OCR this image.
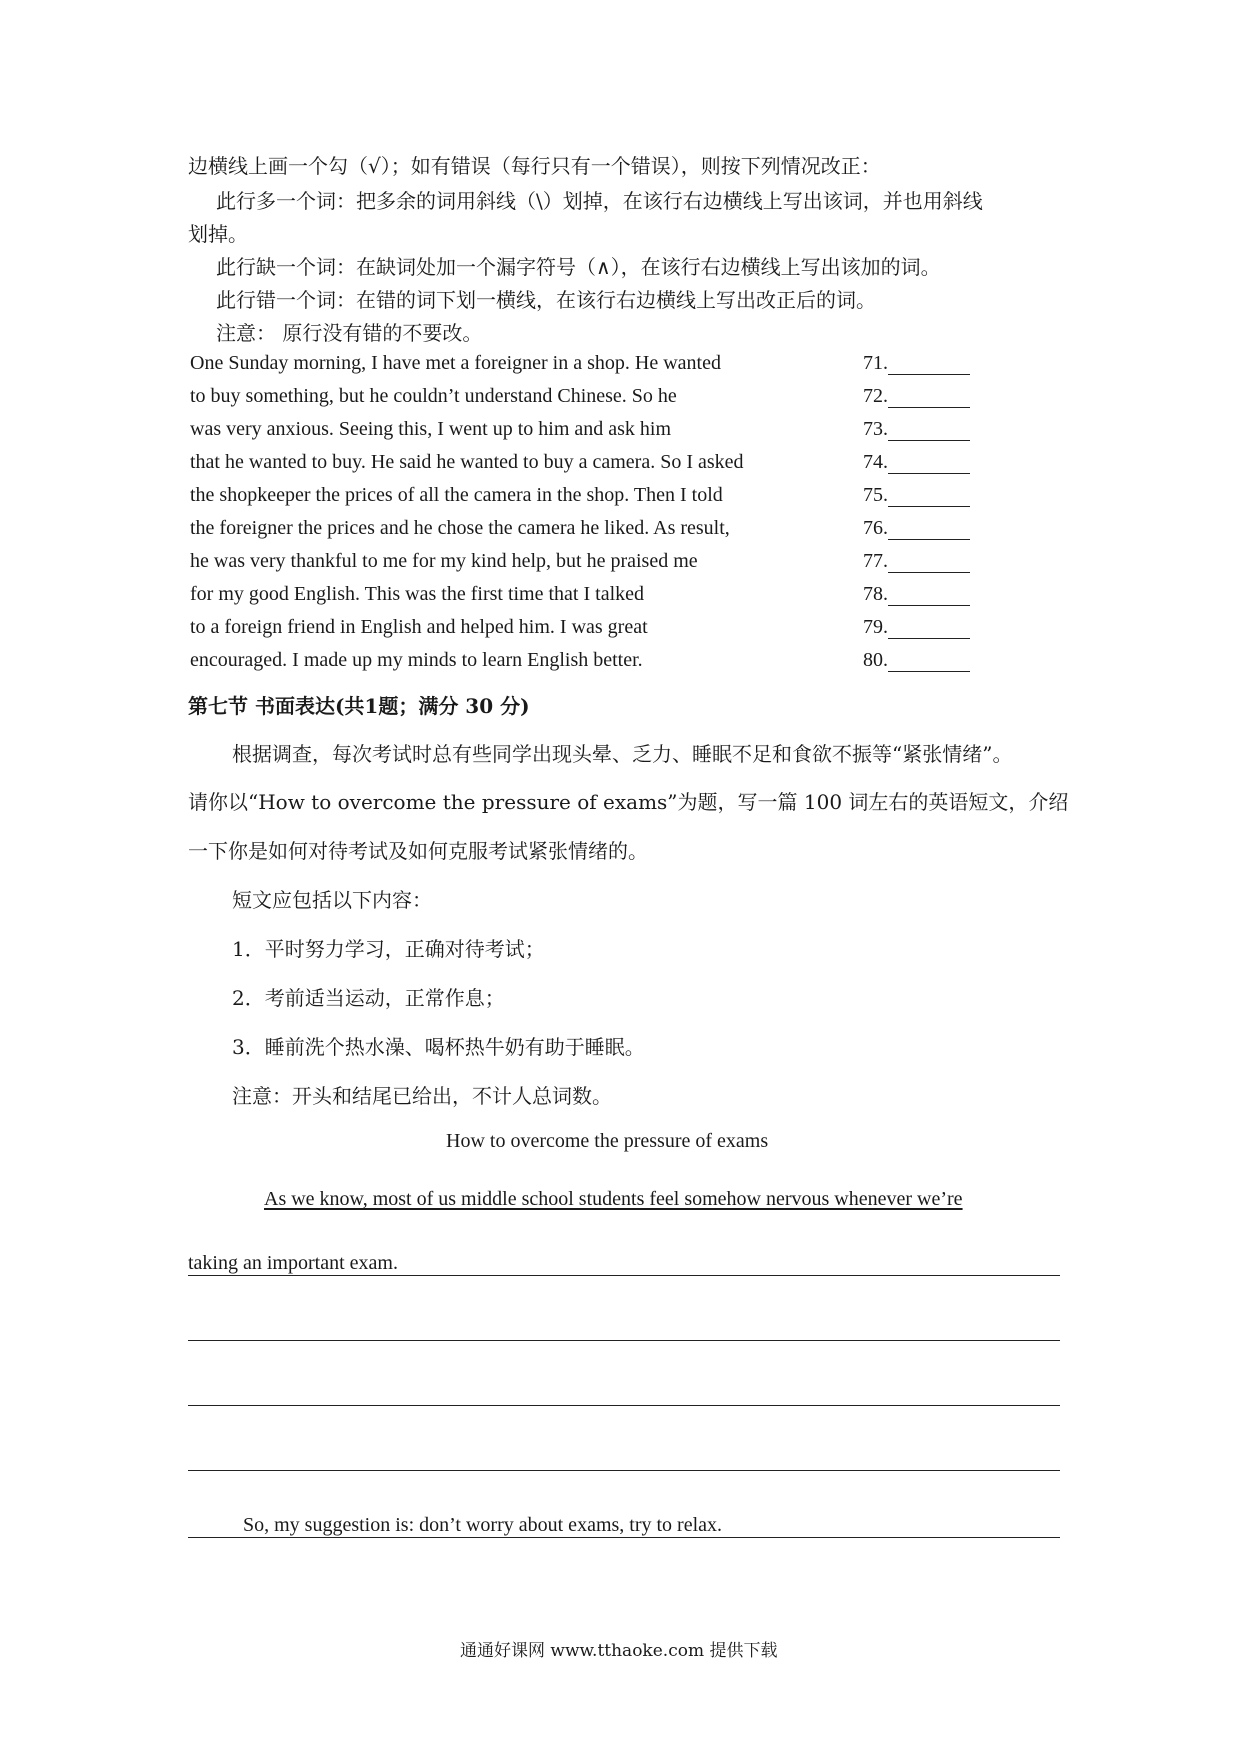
边横线上画一个勾（√）；如有错误（每行只有一个错误），则按下列情况改正：
此行多一个词：把多余的词用斜线（\）划掉，在该行右边横线上写出该词，并也用斜线
划掉。
此行缺一个词：在缺词处加一个漏字符号（∧），在该行右边横线上写出该加的词。
此行错一个词：在错的词下划一横线，在该行右边横线上写出改正后的词。
注意： 原行没有错的不要改。
One Sunday morning, I have met a foreigner in a shop. He wanted	71.
to buy something, but he couldn’t understand Chinese. So he	72.
was very anxious. Seeing this, I went up to him and ask him	73.
that he wanted to buy. He said he wanted to buy a camera. So I asked	74.
the shopkeeper the prices of all the camera in the shop. Then I told	75.
the foreigner the prices and he chose the camera he liked. As result,	76.
he was very thankful to me for my kind help, but he praised me	77.
for my good English. This was the first time that I talked	78.
to a foreign friend in English and helped him. I was great	79.
encouraged. I made up my minds to learn English better.	80.
第七节 书面表达(共1题；满分 30 分)
根据调查，每次考试时总有些同学出现头晕、乏力、睡眠不足和食欲不振等“紧张情绪”。
请你以“How to overcome the pressure of exams”为题，写一篇 100 词左右的英语短文，介绍
一下你是如何对待考试及如何克服考试紧张情绪的。
短文应包括以下内容：
1．平时努力学习，正确对待考试；
2．考前适当运动，正常作息；
3．睡前洗个热水澡、喝杯热牛奶有助于睡眠。
注意：开头和结尾已给出，不计人总词数。
How to overcome the pressure of exams
As we know, most of us middle school students feel somehow nervous whenever we’re
taking an important exam.
So, my suggestion is: don’t worry about exams, try to relax.
通通好课网 www.tthaoke.com 提供下载
